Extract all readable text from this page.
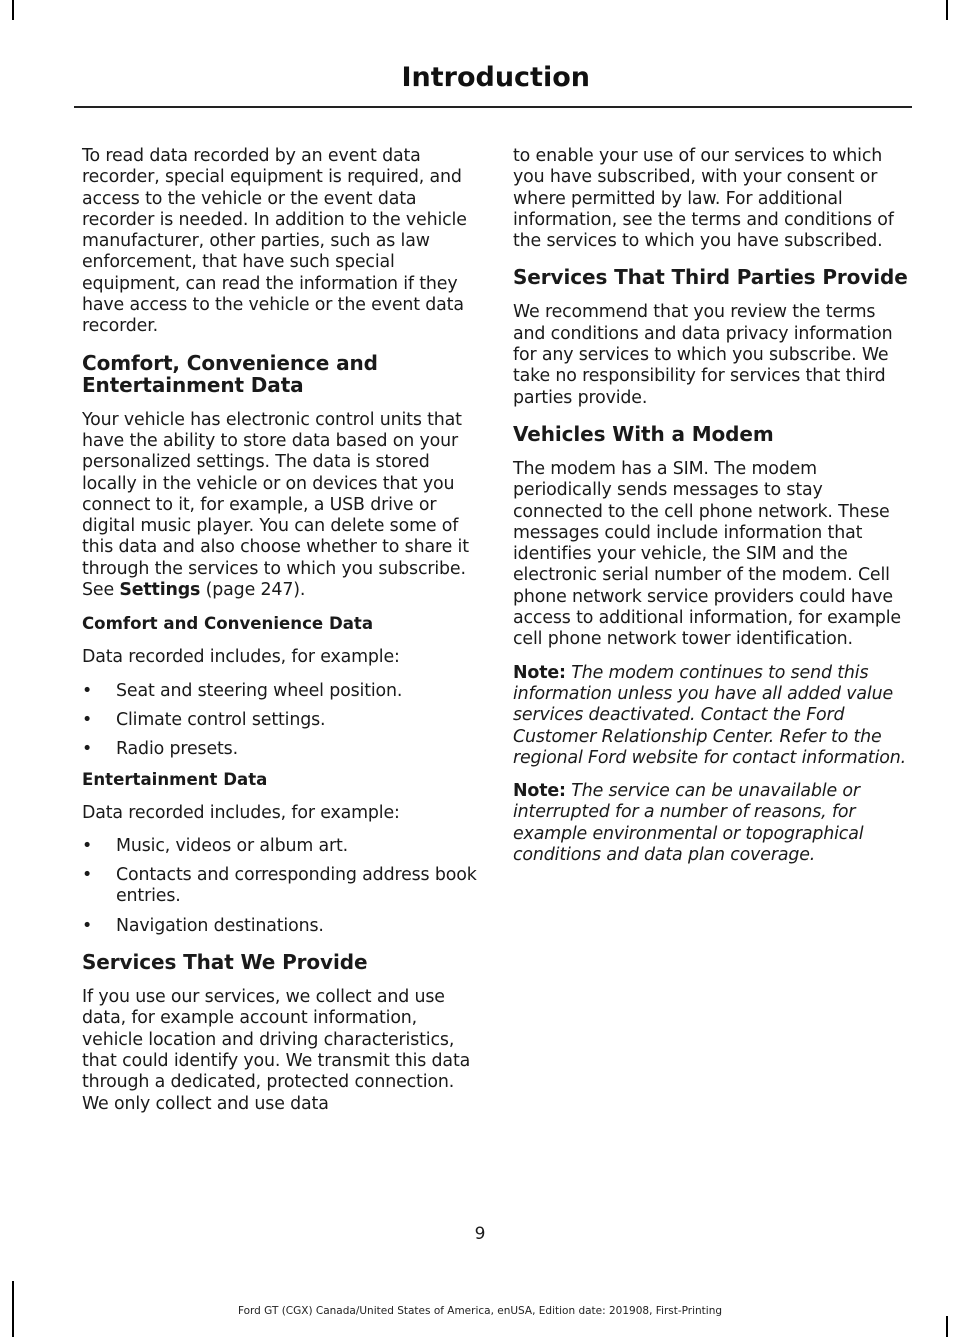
Introduction

To read data recorded by an event data recorder, special equipment is required, and access to the vehicle or the event data recorder is needed. In addition to the vehicle manufacturer, other parties, such as law enforcement, that have such special equipment, can read the information if they have access to the vehicle or the event data recorder.

Comfort, Convenience and Entertainment Data

Your vehicle has electronic control units that have the ability to store data based on your personalized settings. The data is stored locally in the vehicle or on devices that you connect to it, for example, a USB drive or digital music player. You can delete some of this data and also choose whether to share it through the services to which you subscribe. See Settings (page 247).

Comfort and Convenience Data

Data recorded includes, for example:

• Seat and steering wheel position.
• Climate control settings.
• Radio presets.
Entertainment Data

Data recorded includes, for example:

• Music, videos or album art.
• Contacts and corresponding address book entries.
• Navigation destinations.
Services That We Provide

If you use our services, we collect and use data, for example account information, vehicle location and driving characteristics, that could identify you. We transmit this data through a dedicated, protected connection. We only collect and use data

to enable your use of our services to which you have subscribed, with your consent or where permitted by law. For additional information, see the terms and conditions of the services to which you have subscribed.

Services That Third Parties Provide

We recommend that you review the terms and conditions and data privacy information for any services to which you subscribe. We take no responsibility for services that third parties provide.

Vehicles With a Modem

The modem has a SIM. The modem periodically sends messages to stay connected to the cell phone network. These messages could include information that identifies your vehicle, the SIM and the electronic serial number of the modem. Cell phone network service providers could have access to additional information, for example cell phone network tower identification.

Note: The modem continues to send this information unless you have all added value services deactivated. Contact the Ford Customer Relationship Center. Refer to the regional Ford website for contact information.

Note: The service can be unavailable or interrupted for a number of reasons, for example environmental or topographical conditions and data plan coverage.

9
Ford GT (CGX) Canada/United States of America, enUSA, Edition date: 201908, First-Printing
